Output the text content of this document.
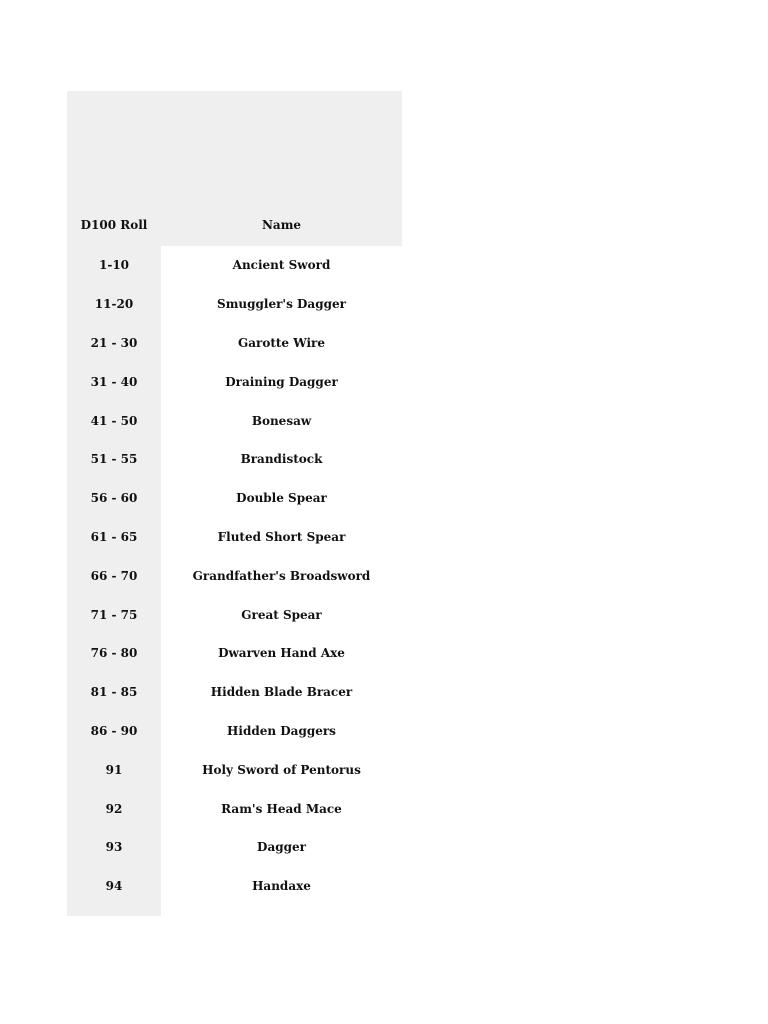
D100 Roll	Name
1-10	Ancient Sword
11-20	Smuggler's Dagger
21 - 30	Garotte Wire
31 - 40	Draining Dagger
41 - 50	Bonesaw
51 - 55	Brandistock
56 - 60	Double Spear
61 - 65	Fluted Short Spear
66 - 70	Grandfather's Broadsword
71 - 75	Great Spear
76 - 80	Dwarven Hand Axe
81 - 85	Hidden Blade Bracer
86 - 90	Hidden Daggers
91	Holy Sword of Pentorus
92	Ram's Head Mace
93	Dagger
94	Handaxe
